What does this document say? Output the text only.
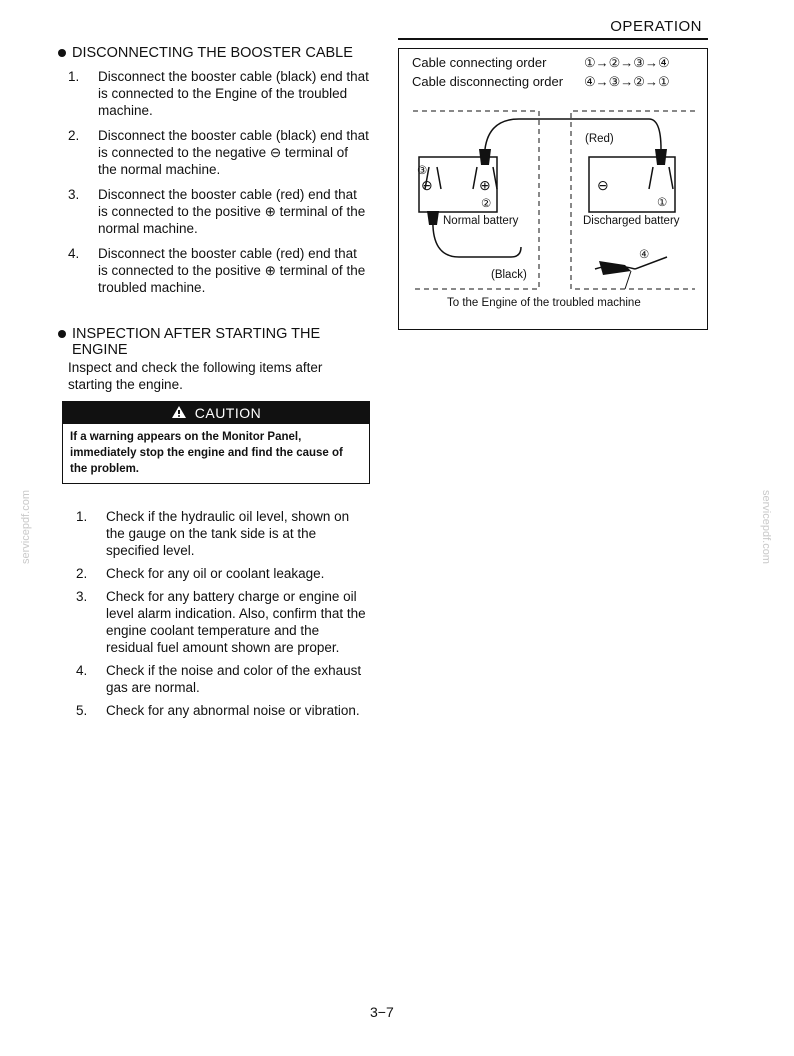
OPERATION
DISCONNECTING THE BOOSTER CABLE
1.	Disconnect the booster cable (black) end that is connected to the Engine of the troubled machine.
2.	Disconnect the booster cable (black) end that is connected to the negative ⊖ terminal of the normal machine.
3.	Disconnect the booster cable (red) end that is connected to the positive ⊕ terminal of the normal machine.
4.	Disconnect the booster cable (red) end that is connected to the positive ⊕ terminal of the troubled machine.
Cable connecting order	①→②→③→④
Cable disconnecting order	④→③→②→①
③
⊖	⊕
②
Normal battery
(Red)
⊖
①
Discharged battery
④
(Black)
To the Engine of the troubled machine
INSPECTION AFTER STARTING THE ENGINE
Inspect and check the following items after starting the engine.
CAUTION
If a warning appears on the Monitor Panel, immediately stop the engine and find the cause of the problem.
1.	Check if the hydraulic oil level, shown on the gauge on the tank side is at the specified level.
2.	Check for any oil or coolant leakage.
3.	Check for any battery charge or engine oil level alarm indication. Also, confirm that the engine coolant temperature and the residual fuel amount shown are proper.
4.	Check if the noise and color of the exhaust gas are normal.
5.	Check for any abnormal noise or vibration.
servicepdf.com	servicepdf.com
3−7
